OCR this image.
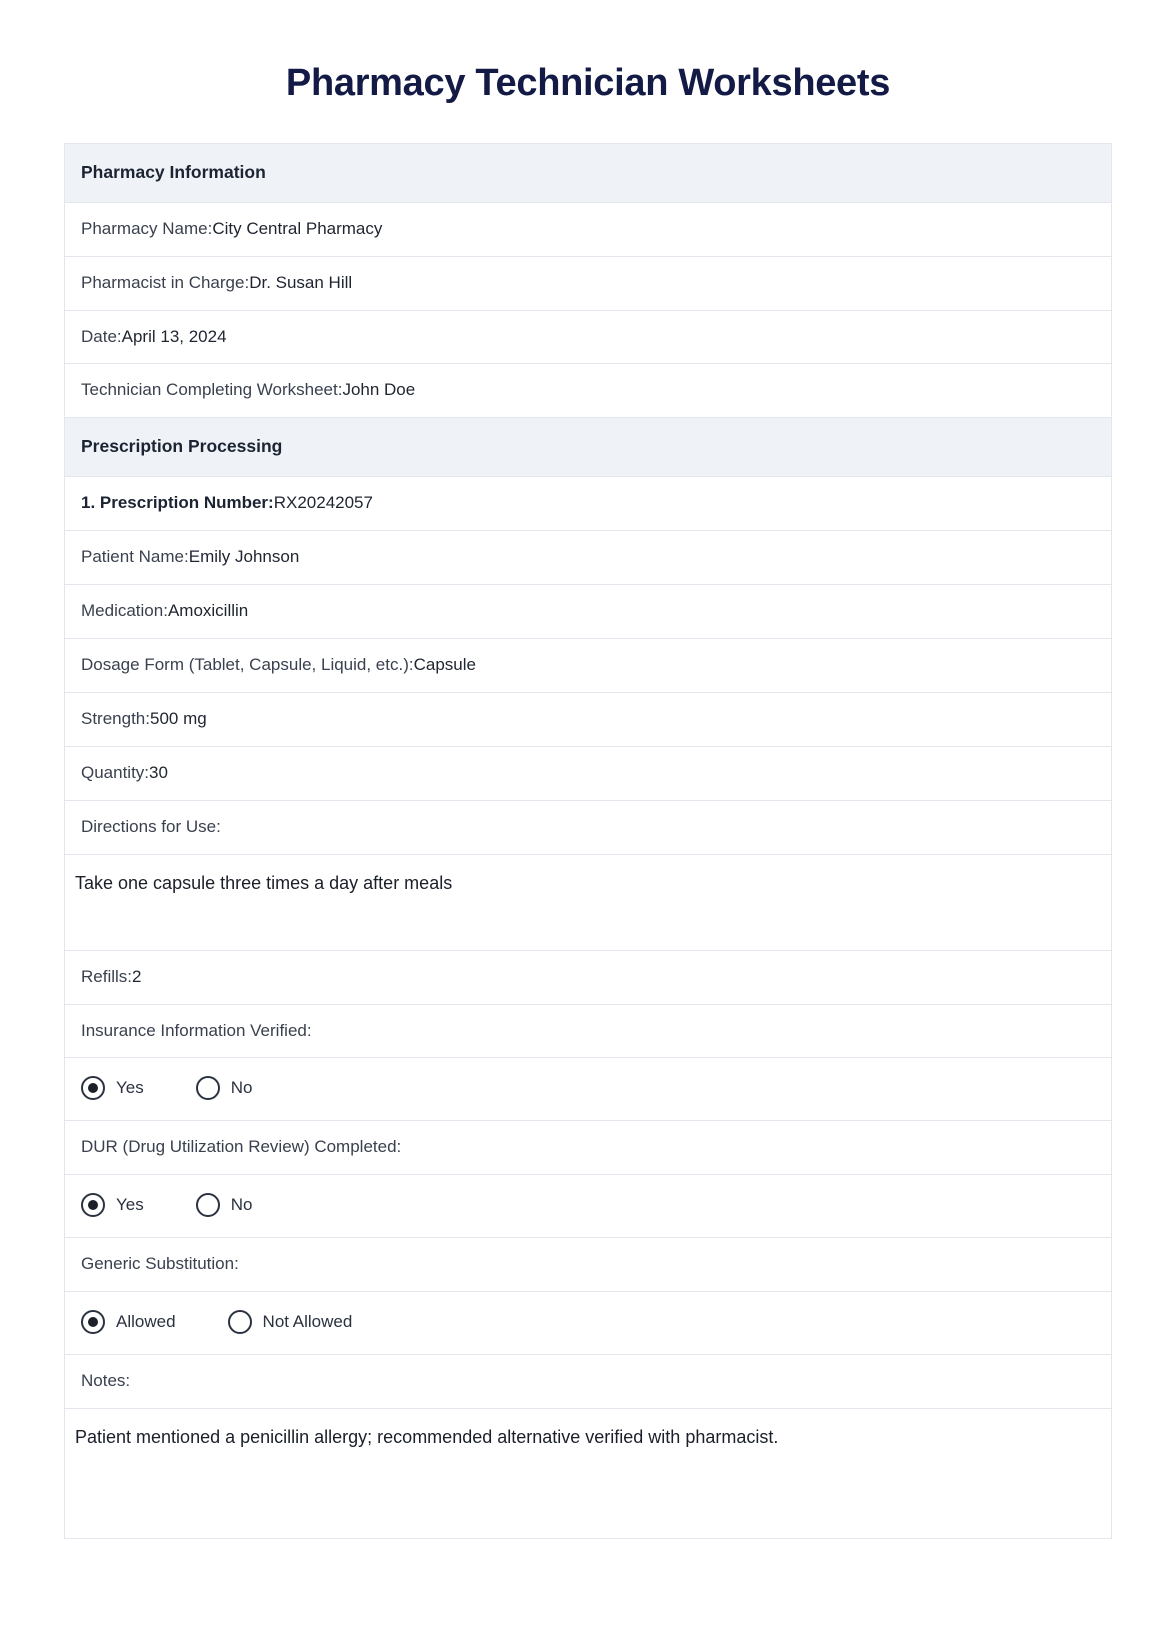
Pharmacy Technician Worksheets
Pharmacy Information
Pharmacy Name:City Central Pharmacy
Pharmacist in Charge:Dr. Susan Hill
Date:April 13, 2024
Technician Completing Worksheet:John Doe
Prescription Processing
1. Prescription Number:RX20242057
Patient Name:Emily Johnson
Medication:Amoxicillin
Dosage Form (Tablet, Capsule, Liquid, etc.):Capsule
Strength:500 mg
Quantity:30
Directions for Use:
Take one capsule three times a day after meals
Refills:2
Insurance Information Verified:
Yes	No
DUR (Drug Utilization Review) Completed:
Yes	No
Generic Substitution:
Allowed	Not Allowed
Notes:
Patient mentioned a penicillin allergy; recommended alternative verified with pharmacist.
